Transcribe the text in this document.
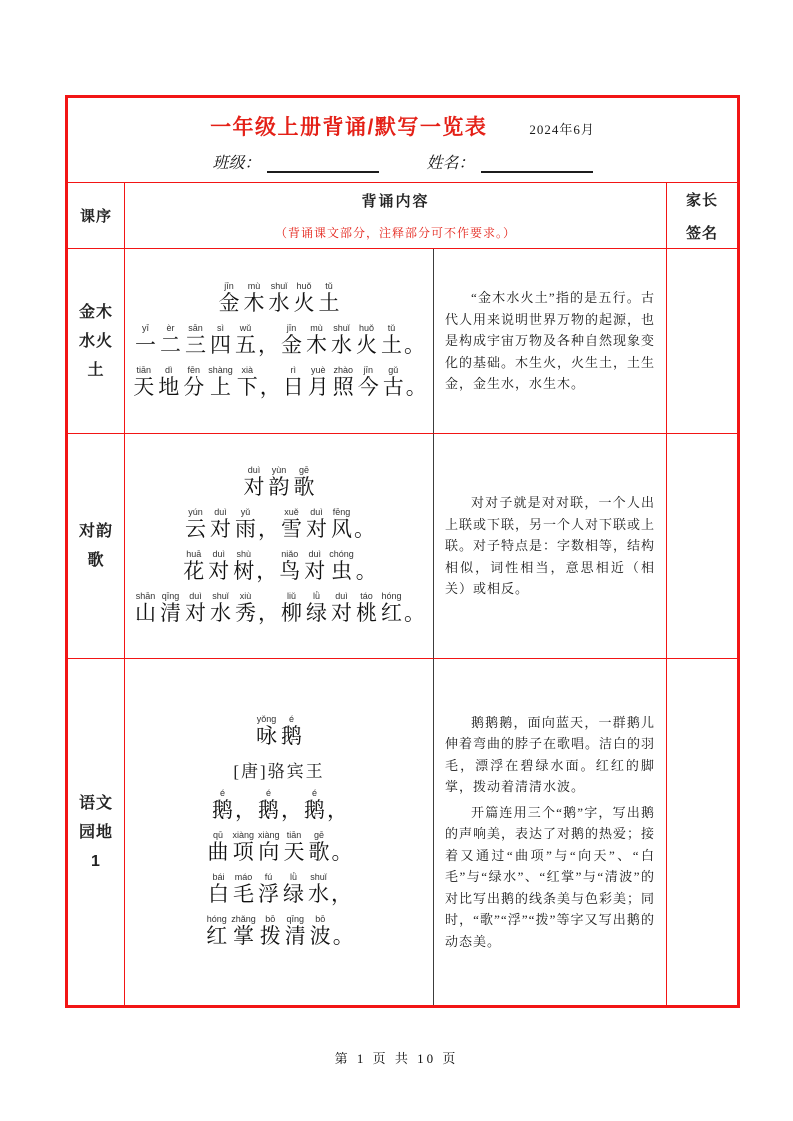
一年级上册背诵/默写一览表	2024年6月
班级：	姓名：
课序
背诵内容
（背诵课文部分，注释部分可不作要求。）
家长
签名
金木
水火
土
金jīn木mù水shuǐ火huǒ土tǔ
一yī二èr三sān四sì五wǔ，金jīn木mù水shuǐ火huǒ土tǔ。
天tiān地dì分fēn上shàng下xià，日rì月yuè照zhào今jīn古gǔ。

“金木水火土”指的是五行。古代人用来说明世界万物的起源，也是构成宇宙万物及各种自然现象变化的基础。木生火，火生土，土生金，金生水，水生木。

对韵
歌
对duì韵yùn歌gē
云yún对duì雨yǔ，雪xuě对duì风fēng。
花huā对duì树shù，鸟niǎo对duì虫chóng。
山shān清qīng对duì水shuǐ秀xiù，柳liǔ绿lǜ对duì桃táo红hóng。

对对子就是对对联，一个人出上联或下联，另一个人对下联或上联。对子特点是：字数相等，结构相似，词性相当，意思相近（相关）或相反。

语文
园地
1
咏yǒng鹅é
[唐]骆宾王
鹅é，鹅é，鹅é，
曲qū项xiàng向xiàng天tiān歌gē。
白bái毛máo浮fú绿lǜ水shuǐ，
红hóng掌zhǎng拨bō清qīng波bō。

鹅鹅鹅，面向蓝天，一群鹅儿伸着弯曲的脖子在歌唱。洁白的羽毛，漂浮在碧绿水面。红红的脚掌，拨动着清清水波。

开篇连用三个“鹅”字，写出鹅的声响美，表达了对鹅的热爱；接着又通过“曲项”与“向天”、“白毛”与“绿水”、“红掌”与“清波”的对比写出鹅的线条美与色彩美；同时，“歌”“浮”“拨”等字又写出鹅的动态美。

第 1 页 共 10 页
